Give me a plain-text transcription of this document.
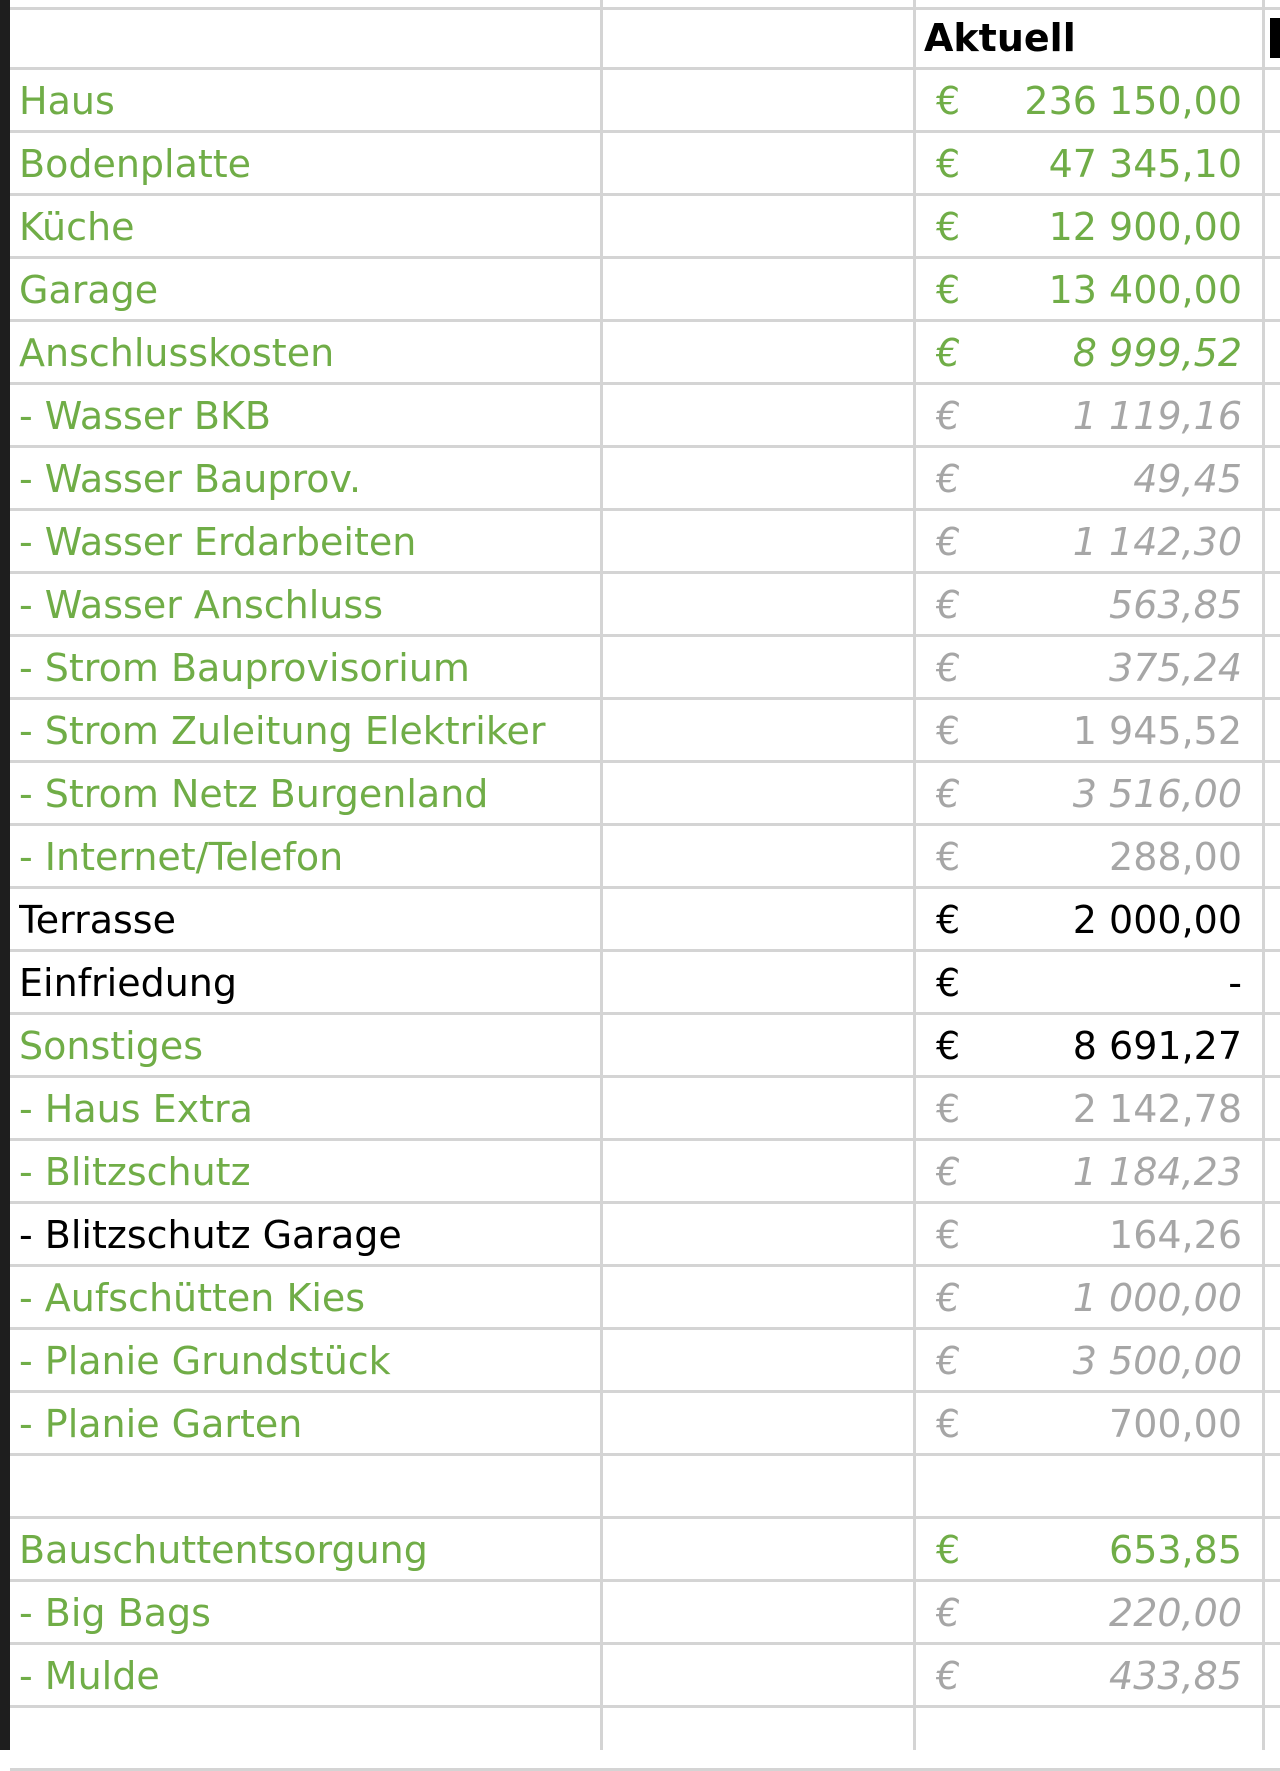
Aktuell
Haus	€	236 150,00
Bodenplatte	€	47 345,10
Küche	€	12 900,00
Garage	€	13 400,00
Anschlusskosten	€	8 999,52
- Wasser BKB	€	1 119,16
- Wasser Bauprov.	€	49,45
- Wasser Erdarbeiten	€	1 142,30
- Wasser Anschluss	€	563,85
- Strom Bauprovisorium	€	375,24
- Strom Zuleitung Elektriker	€	1 945,52
- Strom Netz Burgenland	€	3 516,00
- Internet/Telefon	€	288,00
Terrasse	€	2 000,00
Einfriedung	€	-
Sonstiges	€	8 691,27
- Haus Extra	€	2 142,78
- Blitzschutz	€	1 184,23
- Blitzschutz Garage	€	164,26
- Aufschütten Kies	€	1 000,00
- Planie Grundstück	€	3 500,00
- Planie Garten	€	700,00
Bauschuttentsorgung	€	653,85
- Big Bags	€	220,00
- Mulde	€	433,85
